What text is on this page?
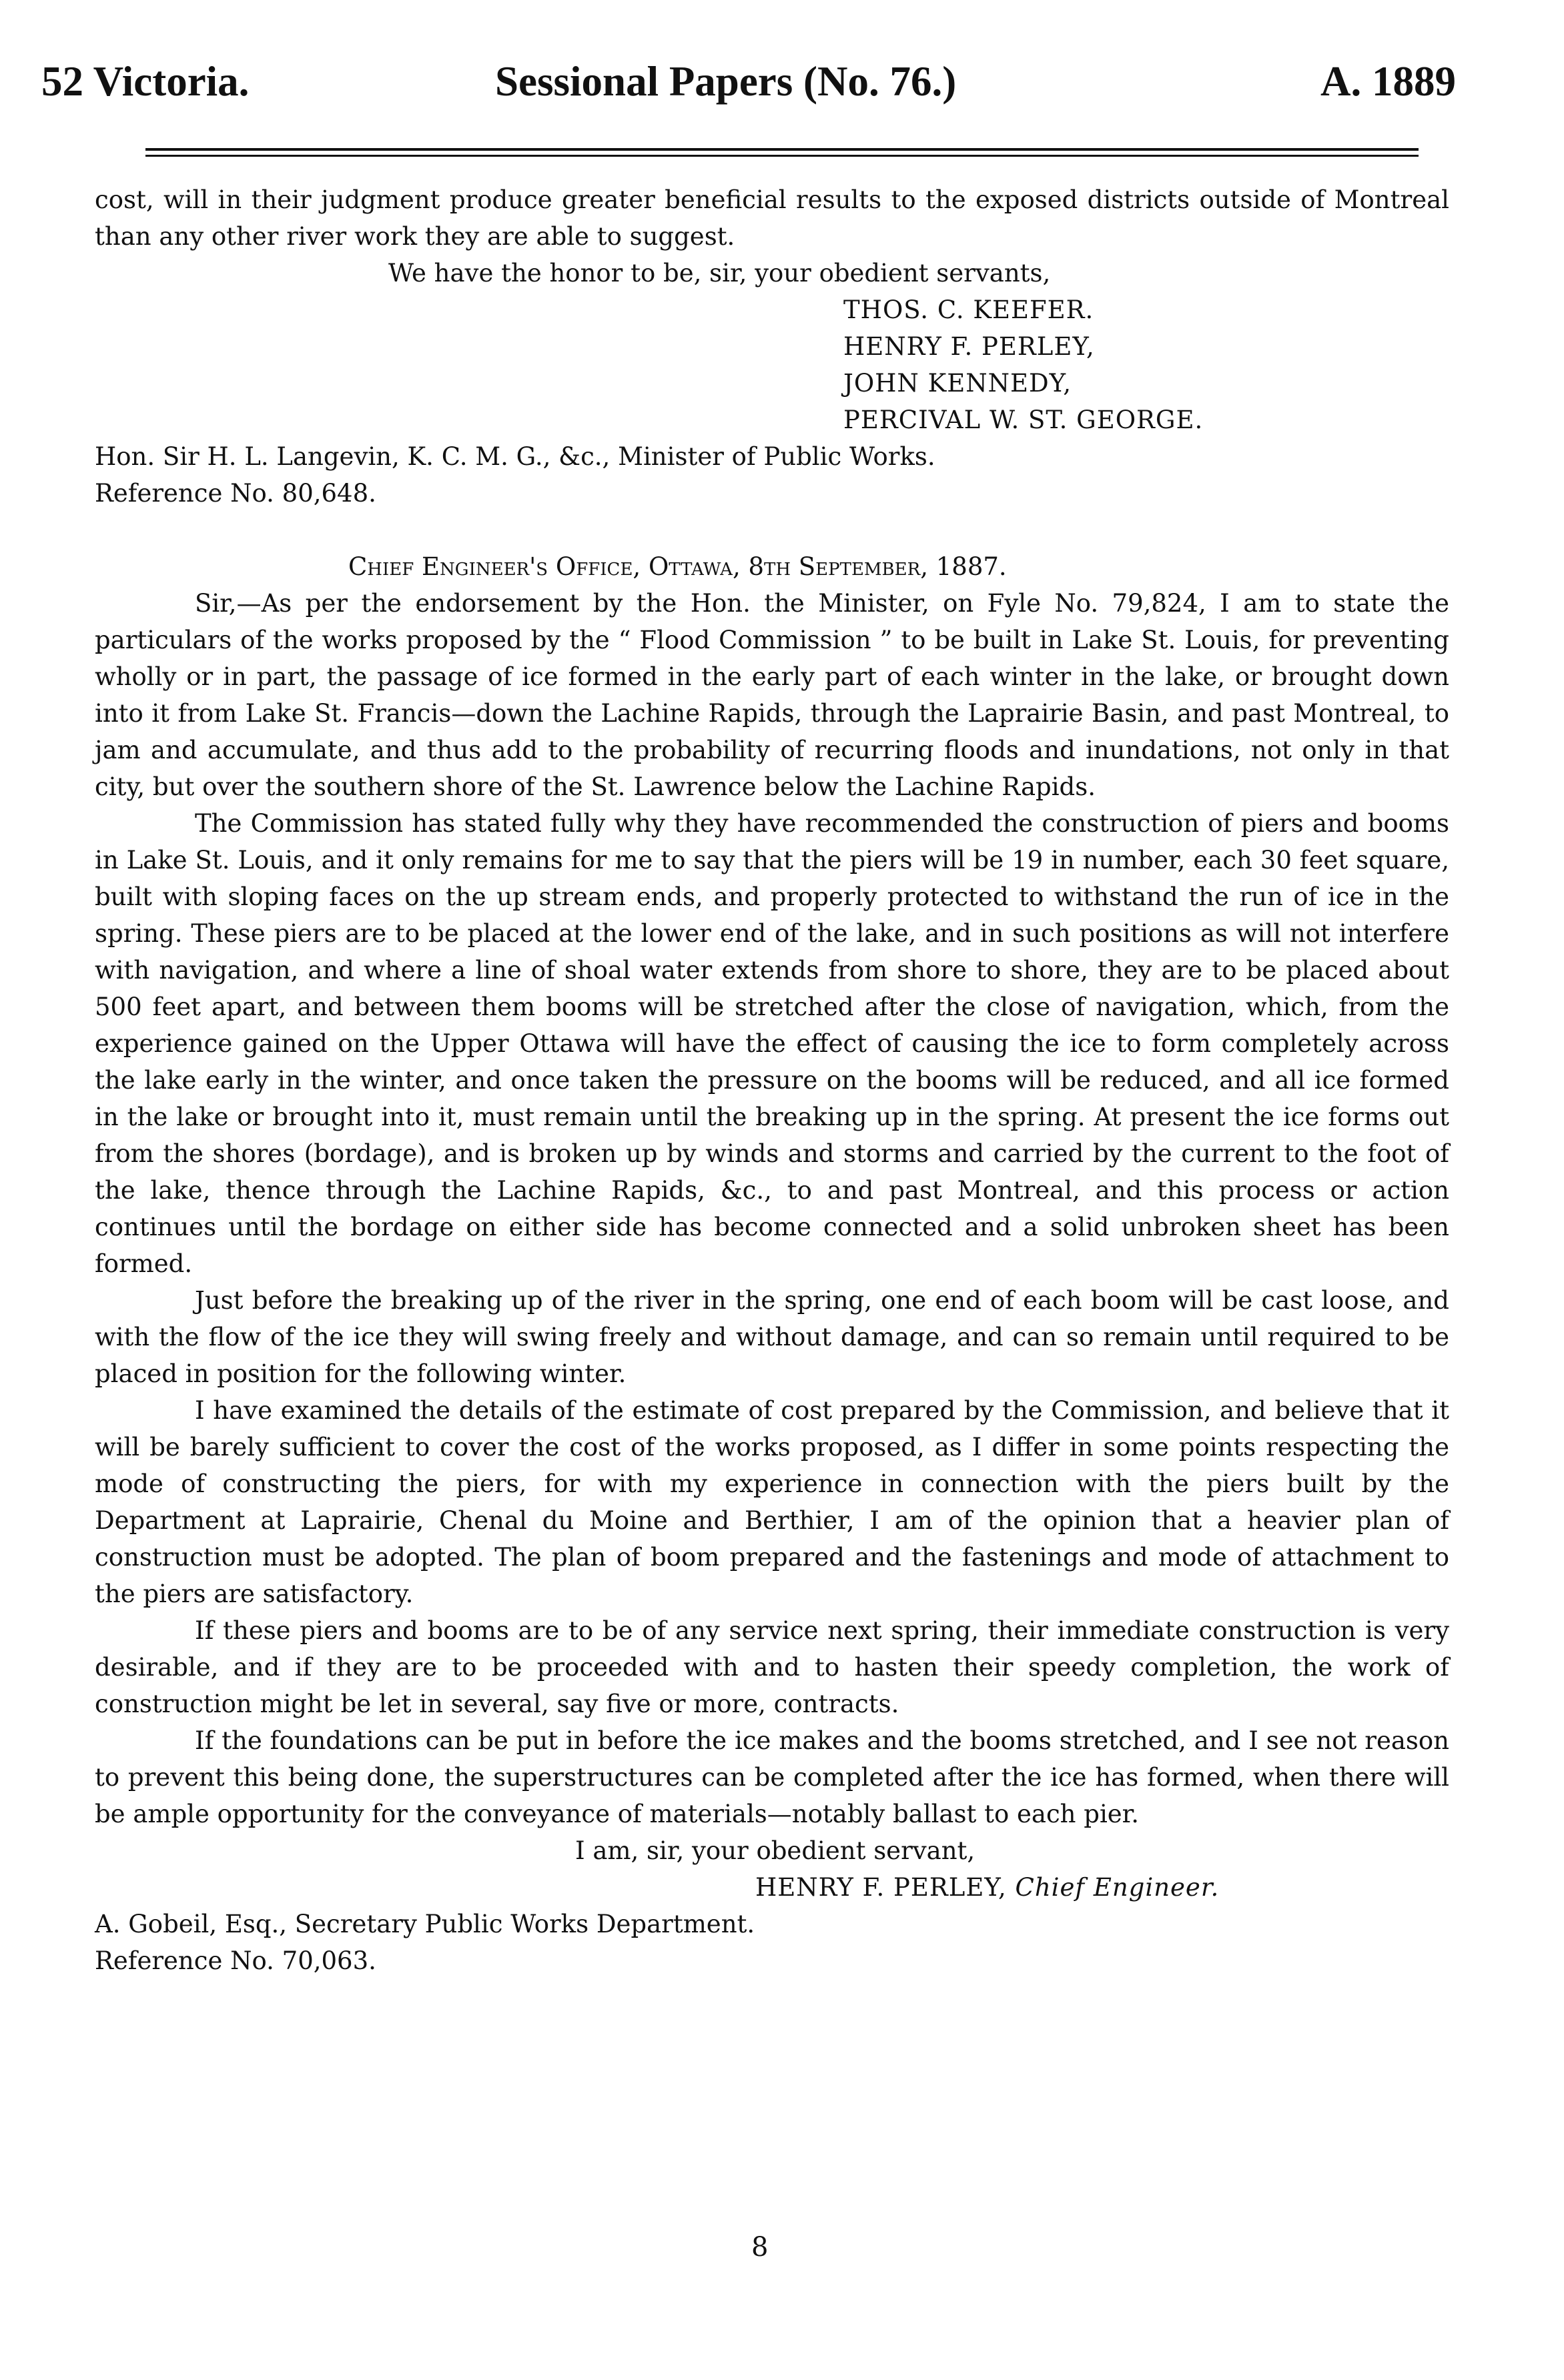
52 Victoria.	Sessional Papers (No. 76.)	A. 1889

cost, will in their judgment produce greater beneficial results to the exposed districts outside of Montreal than any other river work they are able to suggest.

We have the honor to be, sir, your obedient servants,

THOS. C. KEEFER.

HENRY F. PERLEY,

JOHN KENNEDY,

PERCIVAL W. ST. GEORGE.

Hon. Sir H. L. Langevin, K. C. M. G., &c., Minister of Public Works.

Reference No. 80,648.

Chief Engineer's Office, Ottawa, 8th September, 1887.

Sir,—As per the endorsement by the Hon. the Minister, on Fyle No. 79,824, I am to state the particulars of the works proposed by the “ Flood Commission ” to be built in Lake St. Louis, for preventing wholly or in part, the passage of ice formed in the early part of each winter in the lake, or brought down into it from Lake St. Francis—down the Lachine Rapids, through the Laprairie Basin, and past Montreal, to jam and accumulate, and thus add to the probability of recurring floods and inundations, not only in that city, but over the southern shore of the St. Lawrence below the Lachine Rapids.

The Commission has stated fully why they have recommended the construction of piers and booms in Lake St. Louis, and it only remains for me to say that the piers will be 19 in number, each 30 feet square, built with sloping faces on the up stream ends, and properly protected to withstand the run of ice in the spring. These piers are to be placed at the lower end of the lake, and in such positions as will not interfere with navigation, and where a line of shoal water extends from shore to shore, they are to be placed about 500 feet apart, and between them booms will be stretched after the close of navigation, which, from the experience gained on the Upper Ottawa will have the effect of causing the ice to form completely across the lake early in the winter, and once taken the pressure on the booms will be reduced, and all ice formed in the lake or brought into it, must remain until the breaking up in the spring. At present the ice forms out from the shores (bordage), and is broken up by winds and storms and carried by the current to the foot of the lake, thence through the Lachine Rapids, &c., to and past Montreal, and this process or action continues until the bordage on either side has become connected and a solid unbroken sheet has been formed.

Just before the breaking up of the river in the spring, one end of each boom will be cast loose, and with the flow of the ice they will swing freely and without damage, and can so remain until required to be placed in position for the following winter.

I have examined the details of the estimate of cost prepared by the Commission, and believe that it will be barely sufficient to cover the cost of the works proposed, as I differ in some points respecting the mode of constructing the piers, for with my experience in connection with the piers built by the Department at Laprairie, Chenal du Moine and Berthier, I am of the opinion that a heavier plan of construction must be adopted. The plan of boom prepared and the fastenings and mode of attachment to the piers are satisfactory.

If these piers and booms are to be of any service next spring, their immediate construction is very desirable, and if they are to be proceeded with and to hasten their speedy completion, the work of construction might be let in several, say five or more, contracts.

If the foundations can be put in before the ice makes and the booms stretched, and I see not reason to prevent this being done, the superstructures can be completed after the ice has formed, when there will be ample opportunity for the conveyance of materials—notably ballast to each pier.

I am, sir, your obedient servant,

HENRY F. PERLEY, Chief Engineer.

A. Gobeil, Esq., Secretary Public Works Department.

Reference No. 70,063.

8
